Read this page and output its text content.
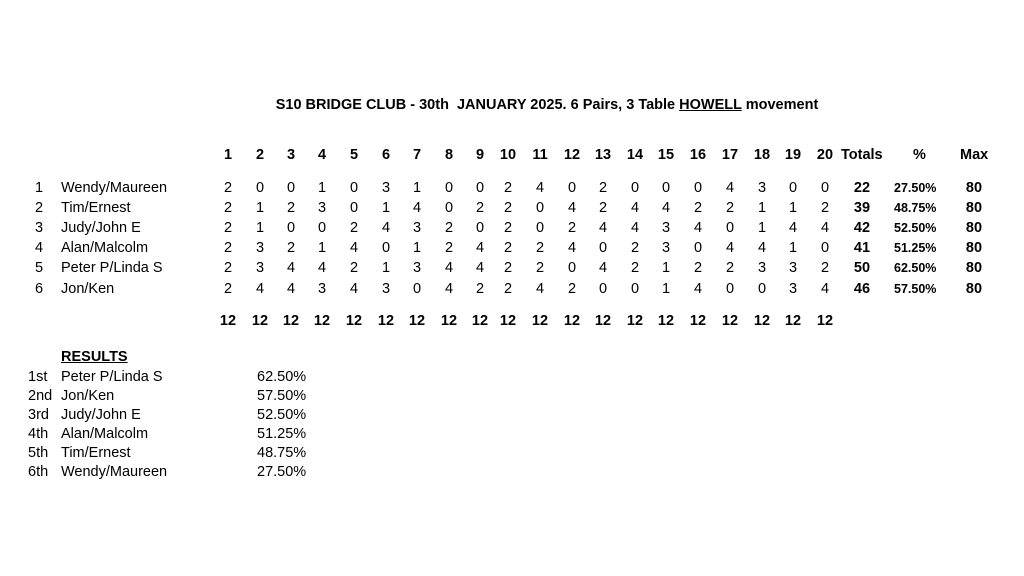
S10 BRIDGE CLUB - 30th  JANUARY 2025. 6 Pairs, 3 Table HOWELL movement
1	2	3	4	5	6	7	8	9	10 11 12 13 14 15 16 17 18 19 20 Totals % Max
1 Wendy/Maureen	2	0	0	1	0	3	1	0	0	2	4	0	2	0	0	0	4	3	0	0	22 27.50% 80
2 Tim/Ernest	2	1	2	3	0	1	4	0	2	2	0	4	2	4	4	2	2	1	1	2	39 48.75% 80
3 Judy/John E	2	1	0	0	2	4	3	2	0	2	0	2	4	4	3	4	0	1	4	4	42 52.50% 80
4 Alan/Malcolm	2	3	2	1	4	0	1	2	4	2	2	4	0	2	3	0	4	4	1	0	41 51.25% 80
5 Peter P/Linda S	2	3	4	4	2	1	3	4	4	2	2	0	4	2	1	2	2	3	3	2	50 62.50% 80
6 Jon/Ken	2	4	4	3	4	3	0	4	2	2	4	2	0	0	1	4	0	0	3	4	46 57.50% 80
12 12 12 12 12 12 12 12 12 12 12 12 12 12 12 12 12 12 12 12
RESULTS
1st Peter P/Linda S	62.50%
2nd Jon/Ken	57.50%
3rd Judy/John E	52.50%
4th Alan/Malcolm	51.25%
5th Tim/Ernest	48.75%
6th Wendy/Maureen	27.50%
